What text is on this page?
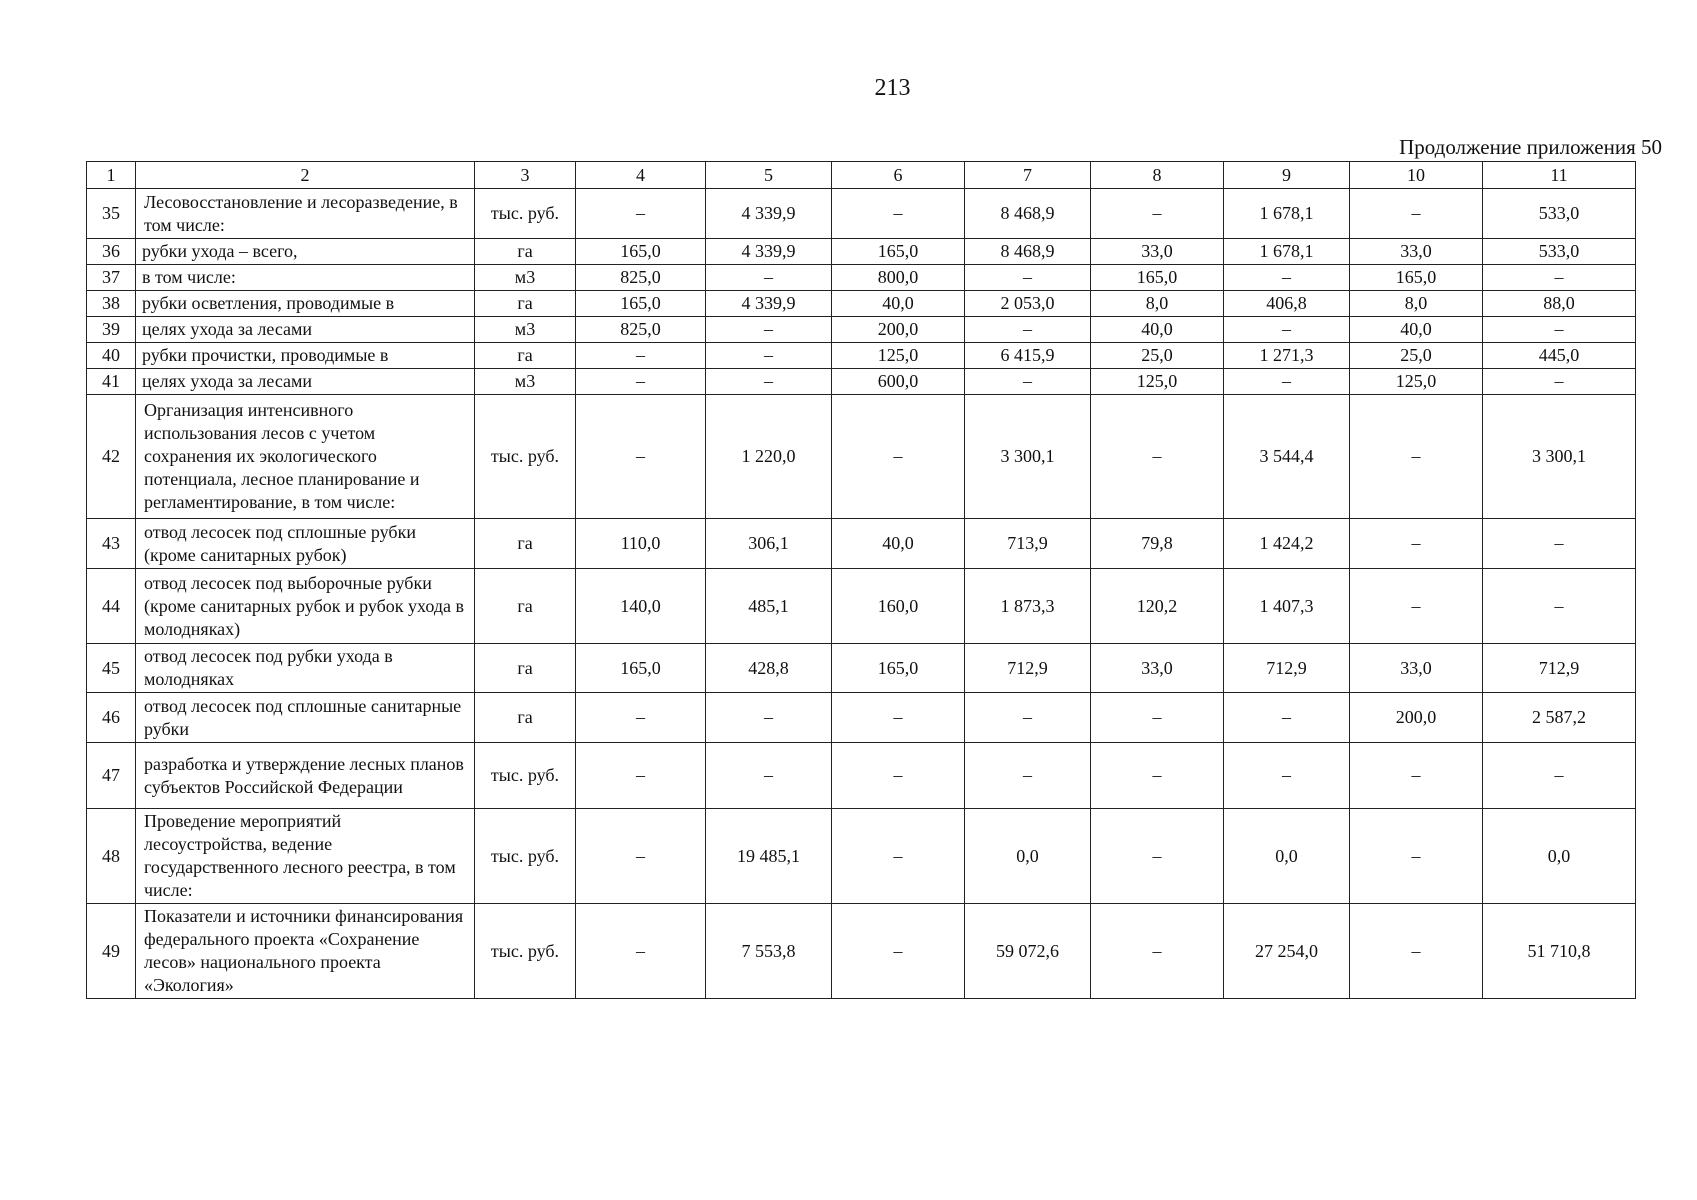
213
Продолжение приложения 50
1	2	3	4	5	6	7	8	9	10	11
35	Лесовосстановление и лесоразведение, в том числе:	тыс. руб.	–	4 339,9	–	8 468,9	–	1 678,1	–	533,0
36	рубки ухода – всего,	га	165,0	4 339,9	165,0	8 468,9	33,0	1 678,1	33,0	533,0
37	в том числе:	м3	825,0	–	800,0	–	165,0	–	165,0	–
38	рубки осветления, проводимые в	га	165,0	4 339,9	40,0	2 053,0	8,0	406,8	8,0	88,0
39	целях ухода за лесами	м3	825,0	–	200,0	–	40,0	–	40,0	–
40	рубки прочистки, проводимые в	га	–	–	125,0	6 415,9	25,0	1 271,3	25,0	445,0
41	целях ухода за лесами	м3	–	–	600,0	–	125,0	–	125,0	–
42	Организация интенсивного использования лесов с учетом сохранения их экологического потенциала, лесное планирование и регламентирование, в том числе:	тыс. руб.	–	1 220,0	–	3 300,1	–	3 544,4	–	3 300,1
43	отвод лесосек под сплошные рубки (кроме санитарных рубок)	га	110,0	306,1	40,0	713,9	79,8	1 424,2	–	–
44	отвод лесосек под выборочные рубки (кроме санитарных рубок и рубок ухода в молодняках)	га	140,0	485,1	160,0	1 873,3	120,2	1 407,3	–	–
45	отвод лесосек под рубки ухода в молодняках	га	165,0	428,8	165,0	712,9	33,0	712,9	33,0	712,9
46	отвод лесосек под сплошные санитарные рубки	га	–	–	–	–	–	–	200,0	2 587,2
47	разработка и утверждение лесных планов субъектов Российской Федерации	тыс. руб.	–	–	–	–	–	–	–	–
48	Проведение мероприятий лесоустройства, ведение государственного лесного реестра, в том числе:	тыс. руб.	–	19 485,1	–	0,0	–	0,0	–	0,0
49	Показатели и источники финансирования федерального проекта «Сохранение лесов» национального проекта «Экология»	тыс. руб.	–	7 553,8	–	59 072,6	–	27 254,0	–	51 710,8
